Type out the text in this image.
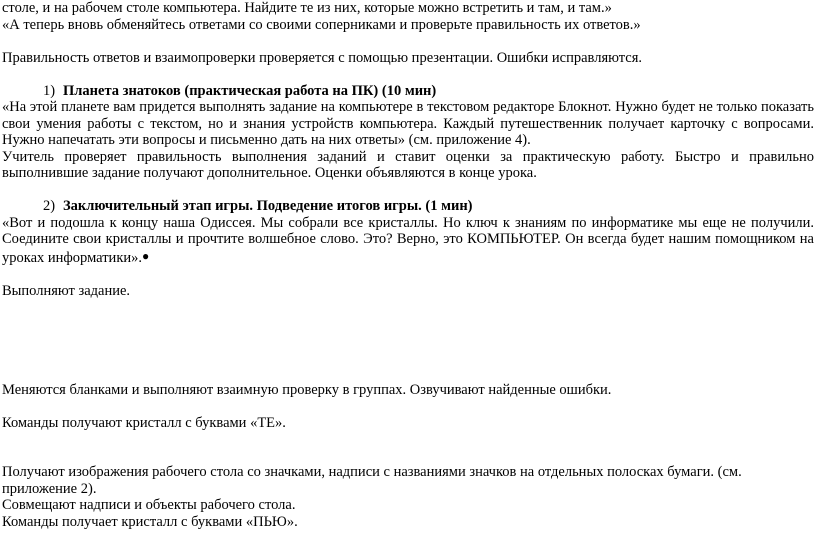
столе, и на рабочем столе компьютера. Найдите те из них, которые можно встретить и там, и там.»

«А теперь вновь обменяйтесь ответами со своими соперниками и проверьте правильность их ответов.»

Правильность ответов и взаимопроверки проверяется с помощью презентации. Ошибки исправляются.

1) Планета знатоков (практическая работа на ПК) (10 мин)

«На этой планете вам придется выполнять задание на компьютере в текстовом редакторе Блокнот. Нужно будет не только показать свои умения работы с текстом, но и знания устройств компьютера. Каждый путешественник получает карточку с вопросами. Нужно напечатать эти вопросы и письменно дать на них ответы» (см. приложение 4).

Учитель проверяет правильность выполнения заданий и ставит оценки за практическую работу. Быстро и правильно выполнившие задание получают дополнительное. Оценки объявляются в конце урока.

2) Заключительный этап игры. Подведение итогов игры. (1 мин)

«Вот и подошла к концу наша Одиссея. Мы собрали все кристаллы. Но ключ к знаниям по информатике мы еще не получили. Соедините свои кристаллы и прочтите волшебное слово. Это? Верно, это КОМПЬЮТЕР. Он всегда будет нашим помощником на уроках информатики».●

Выполняют задание.

Меняются бланками и выполняют взаимную проверку в группах. Озвучивают найденные ошибки.

Команды получают кристалл с буквами «ТЕ».

Получают изображения рабочего стола со значками, надписи с названиями значков на отдельных полосках бумаги. (см. приложение 2).

Совмещают надписи и объекты рабочего стола.

Команды получает кристалл с буквами «ПЬЮ».
